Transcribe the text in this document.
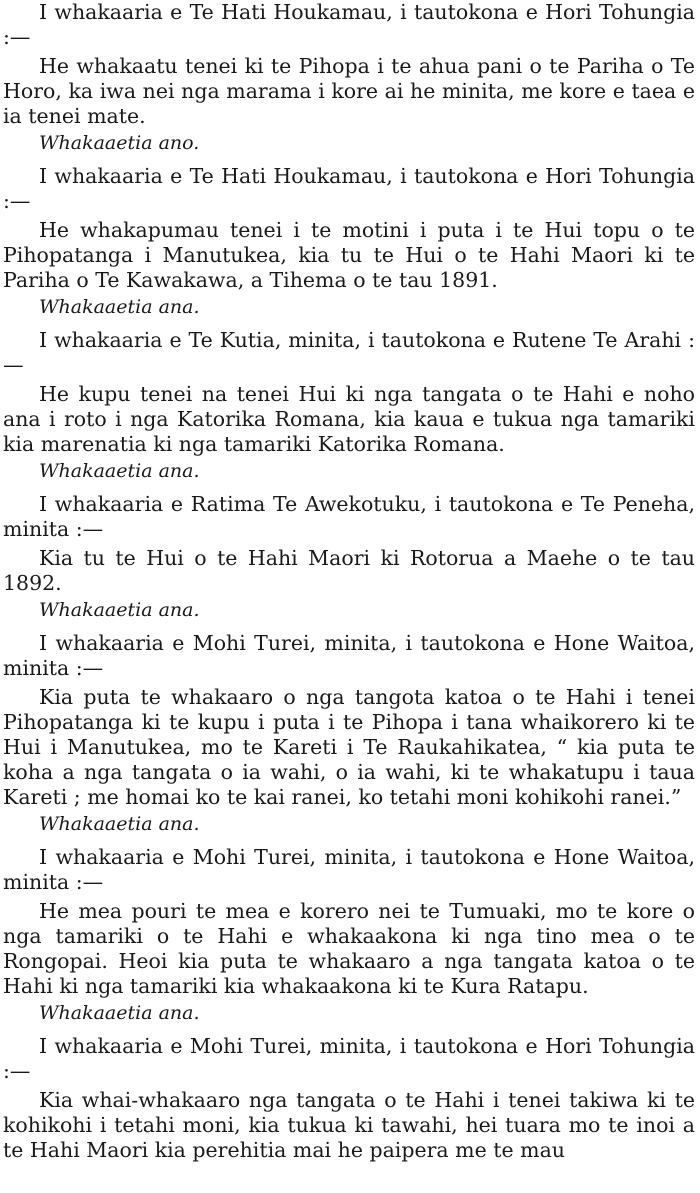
I whakaaria e Te Hati Houkamau, i tautokona e Hori Tohungia :—

He whakaatu tenei ki te Pihopa i te ahua pani o te Pariha o Te Horo, ka iwa nei nga marama i kore ai he minita, me kore e taea e ia tenei mate.

Whakaaetia ano.

I whakaaria e Te Hati Houkamau, i tautokona e Hori Tohungia :—

He whakapumau tenei i te motini i puta i te Hui topu o te Pihopatanga i Manutukea, kia tu te Hui o te Hahi Maori ki te Pariha o Te Kawakawa, a Tihema o te tau 1891.

Whakaaetia ana.

I whakaaria e Te Kutia, minita, i tautokona e Rutene Te Arahi :—

He kupu tenei na tenei Hui ki nga tangata o te Hahi e noho ana i roto i nga Katorika Romana, kia kaua e tukua nga tamariki kia marenatia ki nga tamariki Katorika Romana.

Whakaaetia ana.

I whakaaria e Ratima Te Awekotuku, i tautokona e Te Peneha, minita :—

Kia tu te Hui o te Hahi Maori ki Rotorua a Maehe o te tau 1892.

Whakaaetia ana.

I whakaaria e Mohi Turei, minita, i tautokona e Hone Waitoa, minita :—

Kia puta te whakaaro o nga tangota katoa o te Hahi i tenei Pihopatanga ki te kupu i puta i te Pihopa i tana whaikorero ki te Hui i Manutukea, mo te Kareti i Te Raukahikatea, “ kia puta te koha a nga tangata o ia wahi, o ia wahi, ki te whakatupu i taua Kareti ; me homai ko te kai ranei, ko tetahi moni kohikohi ranei.”

Whakaaetia ana.

I whakaaria e Mohi Turei, minita, i tautokona e Hone Waitoa, minita :—

He mea pouri te mea e korero nei te Tumuaki, mo te kore o nga tamariki o te Hahi e whakaakona ki nga tino mea o te Rongopai. Heoi kia puta te whakaaro a nga tangata katoa o te Hahi ki nga tamariki kia whakaakona ki te Kura Ratapu.

Whakaaetia ana.

I whakaaria e Mohi Turei, minita, i tautokona e Hori Tohungia :—

Kia whai-whakaaro nga tangata o te Hahi i tenei takiwa ki te kohikohi i tetahi moni, kia tukua ki tawahi, hei tuara mo te inoi a te Hahi Maori kia perehitia mai he paipera me te mau
